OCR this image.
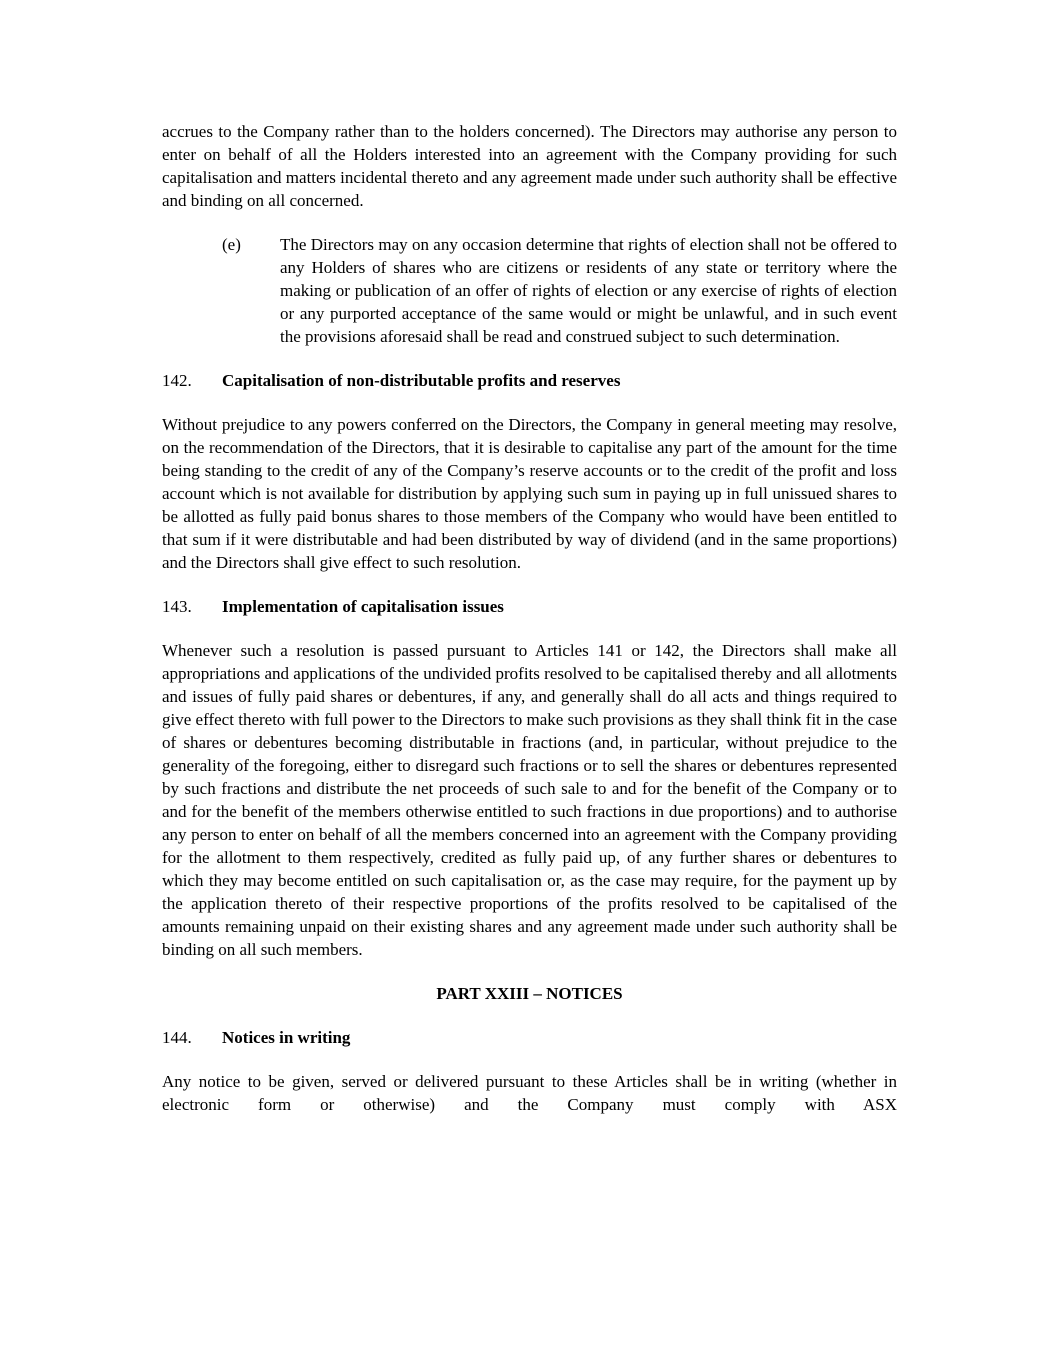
accrues to the Company rather than to the holders concerned). The Directors may authorise any person to enter on behalf of all the Holders interested into an agreement with the Company providing for such capitalisation and matters incidental thereto and any agreement made under such authority shall be effective and binding on all concerned.

(e)	The Directors may on any occasion determine that rights of election shall not be offered to any Holders of shares who are citizens or residents of any state or territory where the making or publication of an offer of rights of election or any exercise of rights of election or any purported acceptance of the same would or might be unlawful, and in such event the provisions aforesaid shall be read and construed subject to such determination.

142.	Capitalisation of non-distributable profits and reserves

Without prejudice to any powers conferred on the Directors, the Company in general meeting may resolve, on the recommendation of the Directors, that it is desirable to capitalise any part of the amount for the time being standing to the credit of any of the Company’s reserve accounts or to the credit of the profit and loss account which is not available for distribution by applying such sum in paying up in full unissued shares to be allotted as fully paid bonus shares to those members of the Company who would have been entitled to that sum if it were distributable and had been distributed by way of dividend (and in the same proportions) and the Directors shall give effect to such resolution.

143.	Implementation of capitalisation issues

Whenever such a resolution is passed pursuant to Articles 141 or 142, the Directors shall make all appropriations and applications of the undivided profits resolved to be capitalised thereby and all allotments and issues of fully paid shares or debentures, if any, and generally shall do all acts and things required to give effect thereto with full power to the Directors to make such provisions as they shall think fit in the case of shares or debentures becoming distributable in fractions (and, in particular, without prejudice to the generality of the foregoing, either to disregard such fractions or to sell the shares or debentures represented by such fractions and distribute the net proceeds of such sale to and for the benefit of the Company or to and for the benefit of the members otherwise entitled to such fractions in due proportions) and to authorise any person to enter on behalf of all the members concerned into an agreement with the Company providing for the allotment to them respectively, credited as fully paid up, of any further shares or debentures to which they may become entitled on such capitalisation or, as the case may require, for the payment up by the application thereto of their respective proportions of the profits resolved to be capitalised of the amounts remaining unpaid on their existing shares and any agreement made under such authority shall be binding on all such members.

PART XXIII – NOTICES
144.	Notices in writing

Any notice to be given, served or delivered pursuant to these Articles shall be in writing (whether in electronic form or otherwise) and the Company must comply with ASX
